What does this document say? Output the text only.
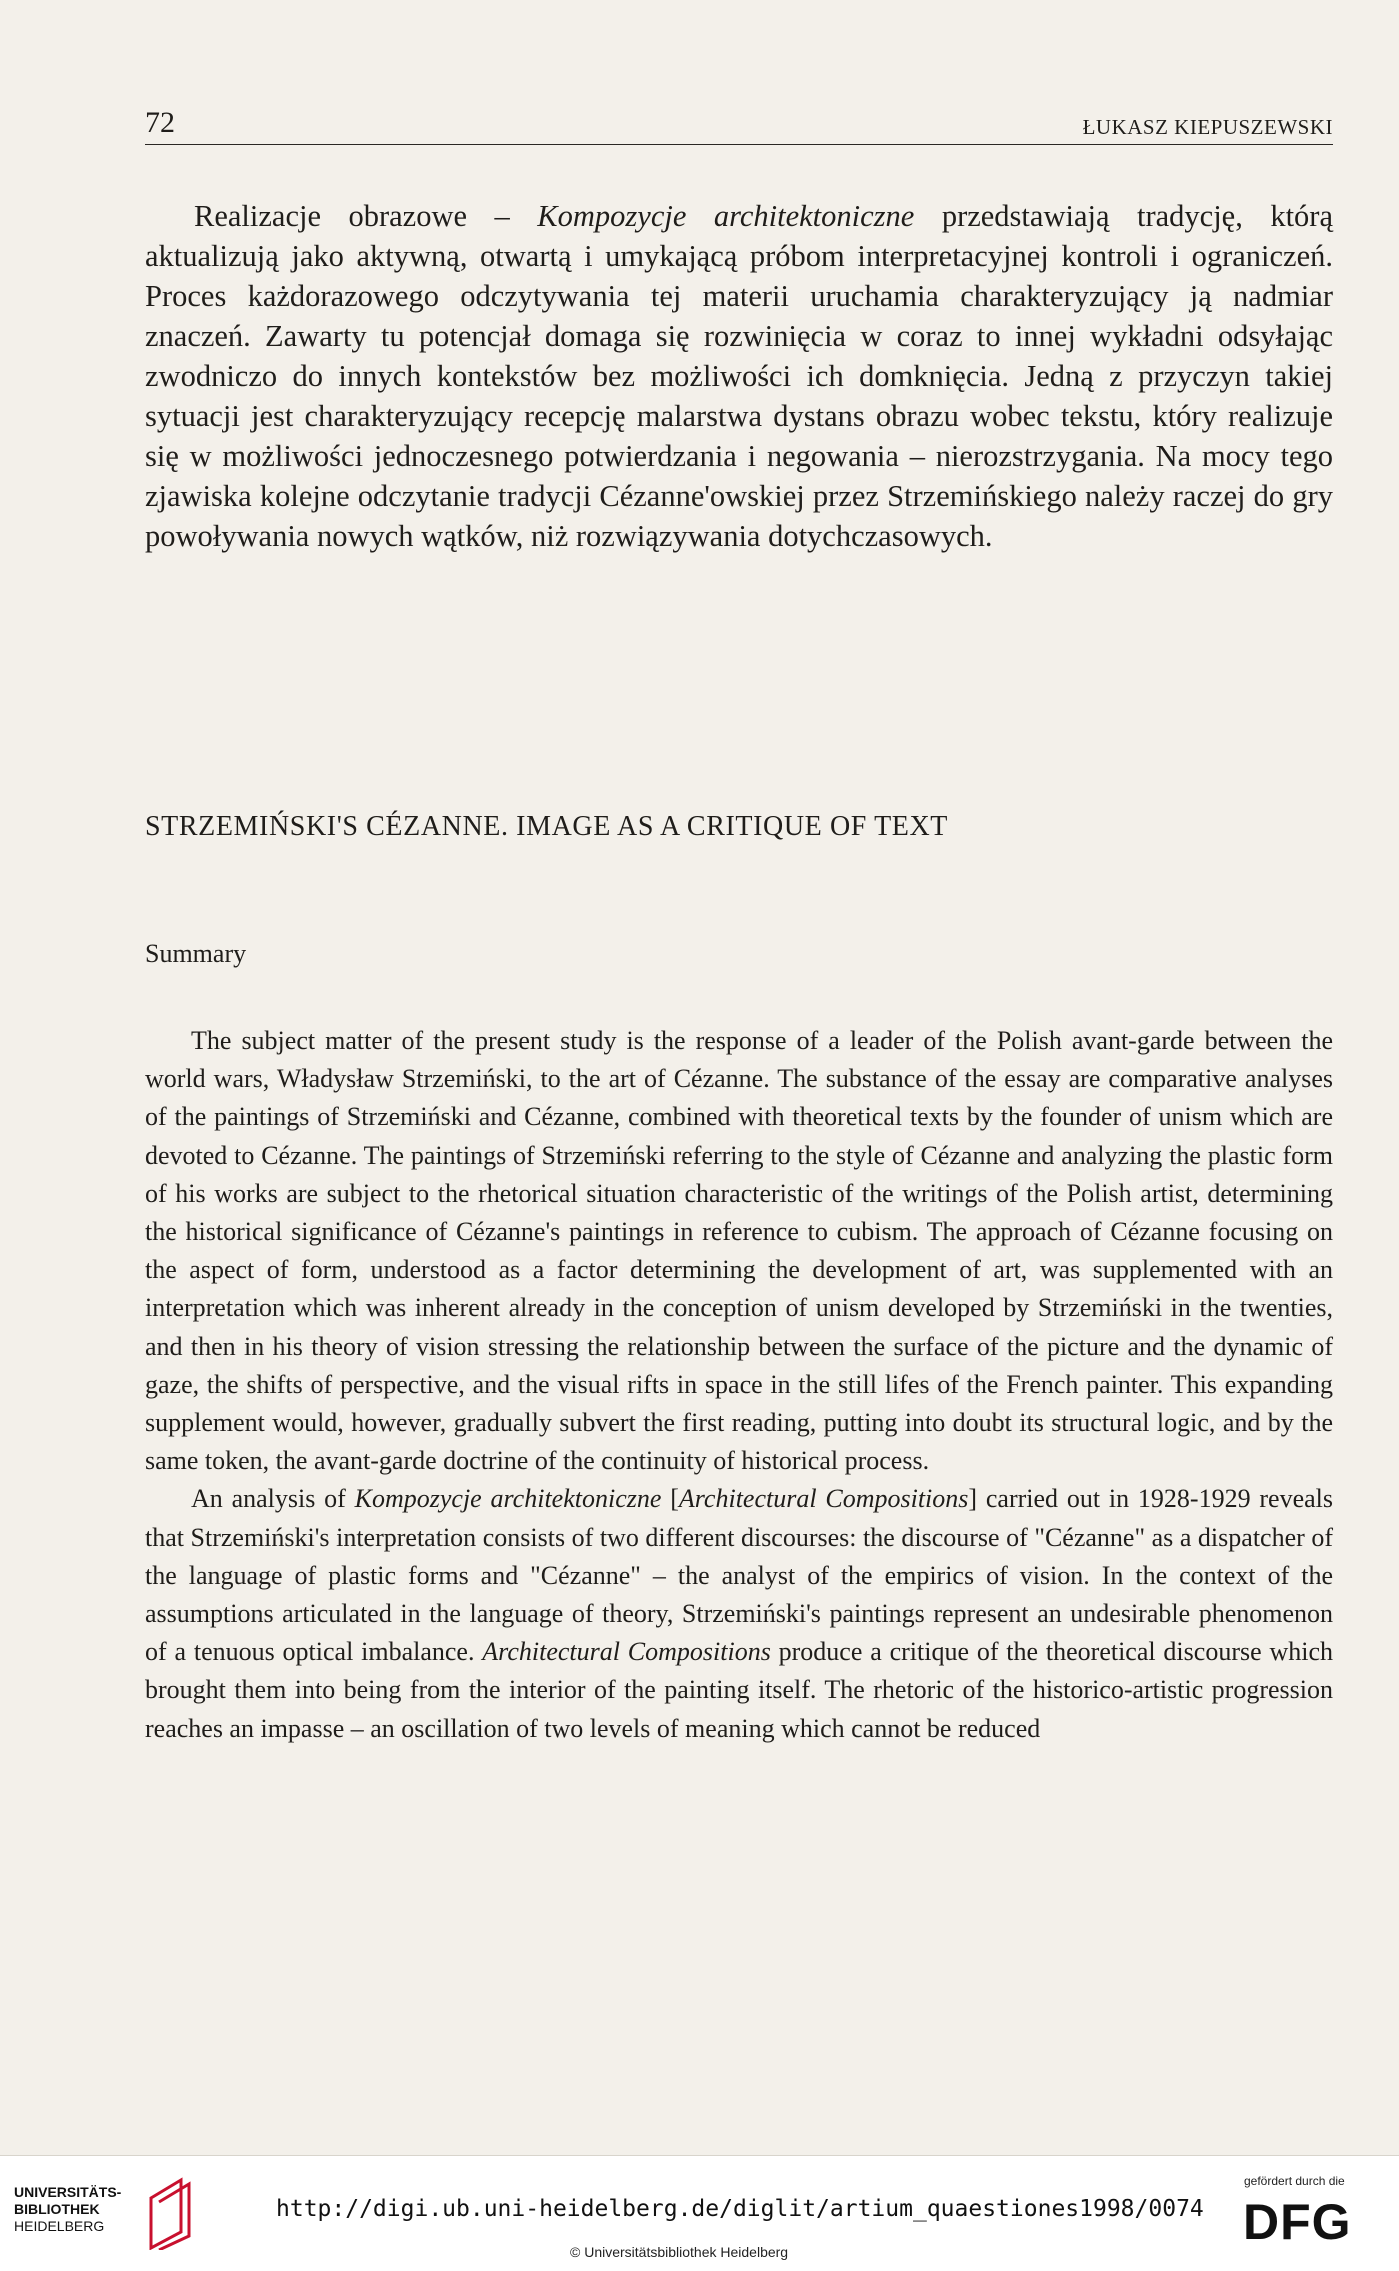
72	ŁUKASZ KIEPUSZEWSKI

Realizacje obrazowe – Kompozycje architektoniczne przedstawiają tradycję, którą aktualizują jako aktywną, otwartą i umykającą próbom interpretacyjnej kontroli i ograniczeń. Proces każdorazowego odczytywania tej materii uruchamia charakteryzujący ją nadmiar znaczeń. Zawarty tu potencjał domaga się rozwinięcia w coraz to innej wykładni odsyłając zwodniczo do innych kontekstów bez możliwości ich domknięcia. Jedną z przyczyn takiej sytuacji jest charakteryzujący recepcję malarstwa dystans obrazu wobec tekstu, który realizuje się w możliwości jednoczesnego potwierdzania i negowania – nierozstrzygania. Na mocy tego zjawiska kolejne odczytanie tradycji Cézanne'owskiej przez Strzemińskiego należy raczej do gry powoływania nowych wątków, niż rozwiązywania dotychczasowych.

STRZEMIŃSKI'S CÉZANNE. IMAGE AS A CRITIQUE OF TEXT

Summary

The subject matter of the present study is the response of a leader of the Polish avant-garde between the world wars, Władysław Strzemiński, to the art of Cézanne. The substance of the essay are comparative analyses of the paintings of Strzemiński and Cézanne, combined with theoretical texts by the founder of unism which are devoted to Cézanne. The paintings of Strzemiński referring to the style of Cézanne and analyzing the plastic form of his works are subject to the rhetorical situation characteristic of the writings of the Polish artist, determining the historical significance of Cézanne's paintings in reference to cubism. The approach of Cézanne focusing on the aspect of form, understood as a factor determining the development of art, was supplemented with an interpretation which was inherent already in the conception of unism developed by Strzemiński in the twenties, and then in his theory of vision stressing the relationship between the surface of the picture and the dynamic of gaze, the shifts of perspective, and the visual rifts in space in the still lifes of the French painter. This expanding supplement would, however, gradually subvert the first reading, putting into doubt its structural logic, and by the same token, the avant-garde doctrine of the continuity of historical process.

An analysis of Kompozycje architektoniczne [Architectural Compositions] carried out in 1928-1929 reveals that Strzemiński's interpretation consists of two different discourses: the discourse of "Cézanne" as a dispatcher of the language of plastic forms and "Cézanne" – the analyst of the empirics of vision. In the context of the assumptions articulated in the language of theory, Strzemiński's paintings represent an undesirable phenomenon of a tenuous optical imbalance. Architectural Compositions produce a critique of the theoretical discourse which brought them into being from the interior of the painting itself. The rhetoric of the historico-artistic progression reaches an impasse – an oscillation of two levels of meaning which cannot be reduced

UNIVERSITÄTS-
BIBLIOTHEK
HEIDELBERG
http://digi.ub.uni-heidelberg.de/diglit/artium_quaestiones1998/0074
© Universitätsbibliothek Heidelberg
gefördert durch die
DFG
